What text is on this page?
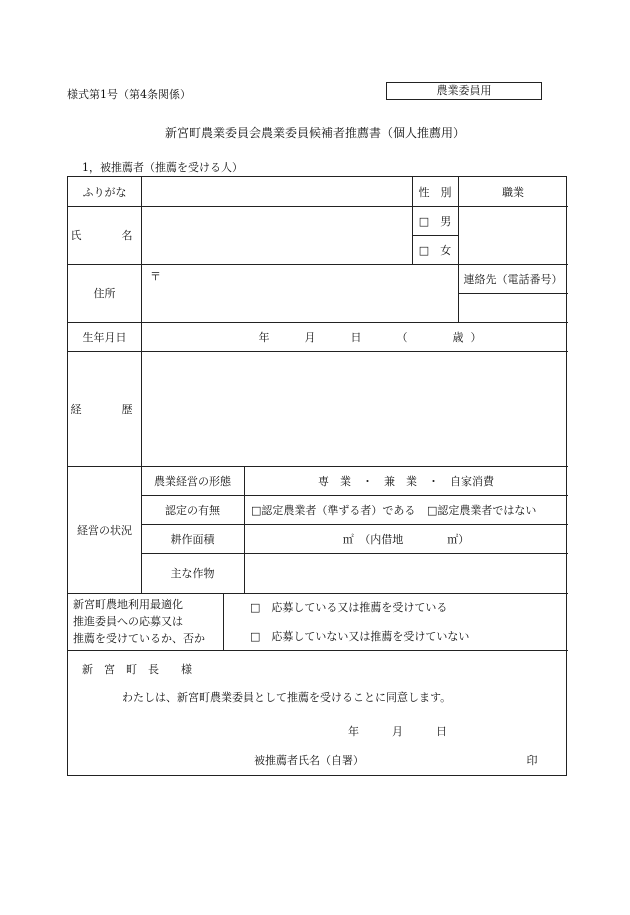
様式第1号（第4条関係）	農業委員用
新宮町農業委員会農業委員候補者推薦書（個人推薦用）
1，被推薦者（推薦を受ける人）
ふりがな	性　別	職業
氏　　名
□　男
□　女
住所
〒	連絡先（電話番号）
生年月日	年	月	日	（	歳 ）
経　　歴
経営の状況
農業経営の形態	専　業　・　兼　業　・　自家消費
認定の有無	□認定農業者（準ずる者）である	□認定農業者ではない
耕作面積	㎡　（内借地　　　　㎡）
主な作物
新宮町農地利用最適化
推進委員への応募又は
推薦を受けているか、否か
□　応募している又は推薦を受けている
□　応募していない又は推薦を受けていない
新　宮　町　長　　様
わたしは、新宮町農業委員として推薦を受けることに同意します。
年　　　月　　　日
被推薦者氏名（自署）	印
